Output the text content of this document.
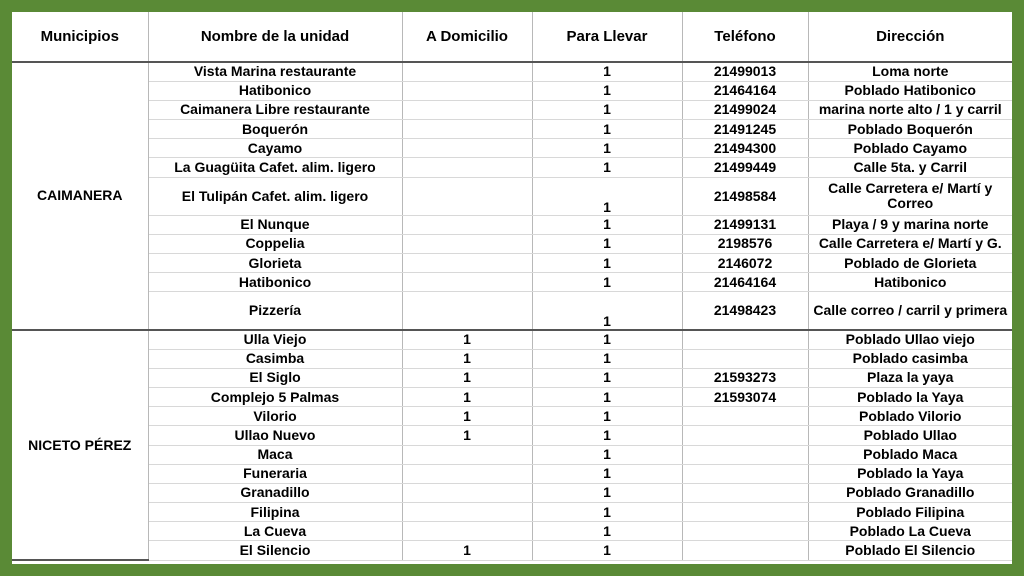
Municipios	Nombre de la unidad	A Domicilio	Para Llevar	Teléfono	Dirección
CAIMANERA	Vista Marina restaurante		1	21499013	Loma norte
	Hatibonico		1	21464164	Poblado Hatibonico
	Caimanera Libre restaurante		1	21499024	marina norte alto / 1 y carril
	Boquerón		1	21491245	Poblado Boquerón
	Cayamo		1	21494300	Poblado Cayamo
	La Guagüita Cafet. alim. ligero		1	21499449	Calle 5ta. y Carril
	El Tulipán Cafet. alim. ligero		1	21498584	Calle Carretera e/ Martí y Correo
	El Nunque		1	21499131	Playa / 9 y marina norte
	Coppelia		1	2198576	Calle Carretera e/ Martí y G.
	Glorieta		1	2146072	Poblado de Glorieta
	Hatibonico		1	21464164	Hatibonico
	Pizzería		1	21498423	Calle correo / carril y primera
NICETO PÉREZ	Ulla Viejo	1	1		Poblado Ullao viejo
	Casimba	1	1		Poblado casimba
	El Siglo	1	1	21593273	Plaza la yaya
	Complejo 5 Palmas	1	1	21593074	Poblado la Yaya
	Vilorio	1	1		Poblado Vilorio
	Ullao Nuevo	1	1		Poblado Ullao
	Maca		1		Poblado Maca
	Funeraria		1		Poblado la Yaya
	Granadillo		1		Poblado Granadillo
	Filipina		1		Poblado Filipina
	La Cueva		1		Poblado La Cueva
	El Silencio	1	1		Poblado El Silencio
